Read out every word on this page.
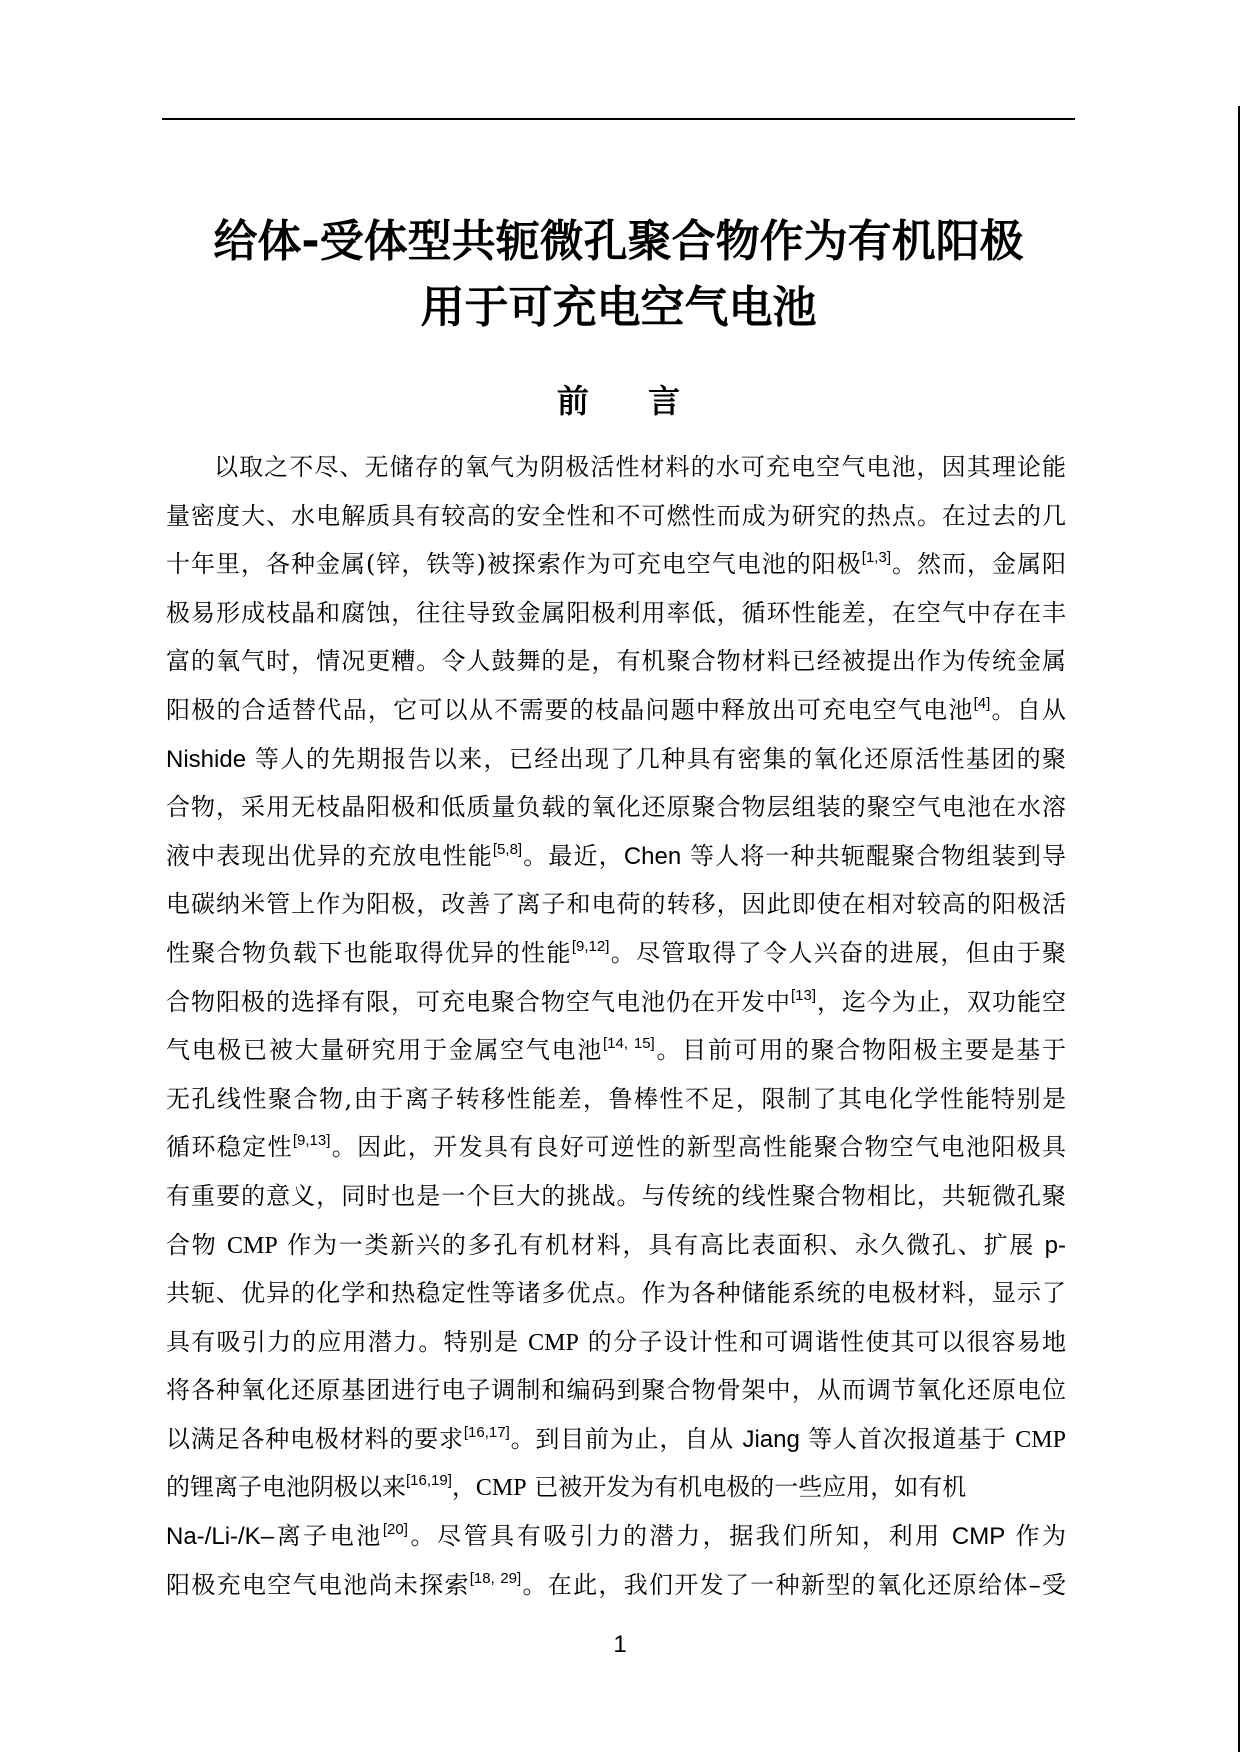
给体-受体型共轭微孔聚合物作为有机阳极
用于可充电空气电池
前 言
以取之不尽、无储存的氧气为阴极活性材料的水可充电空气电池，因其理论能
量密度大、水电解质具有较高的安全性和不可燃性而成为研究的热点。在过去的几
十年里，各种金属(锌，铁等)被探索作为可充电空气电池的阳极[1,3]。然而，金属阳
极易形成枝晶和腐蚀，往往导致金属阳极利用率低，循环性能差，在空气中存在丰
富的氧气时，情况更糟。令人鼓舞的是，有机聚合物材料已经被提出作为传统金属
阳极的合适替代品，它可以从不需要的枝晶问题中释放出可充电空气电池[4]。自从
Nishide 等人的先期报告以来，已经出现了几种具有密集的氧化还原活性基团的聚
合物，采用无枝晶阳极和低质量负载的氧化还原聚合物层组装的聚空气电池在水溶
液中表现出优异的充放电性能[5,8]。最近，Chen 等人将一种共轭醌聚合物组装到导
电碳纳米管上作为阳极，改善了离子和电荷的转移，因此即使在相对较高的阳极活
性聚合物负载下也能取得优异的性能[9,12]。尽管取得了令人兴奋的进展，但由于聚
合物阳极的选择有限，可充电聚合物空气电池仍在开发中[13]，迄今为止，双功能空
气电极已被大量研究用于金属空气电池[14, 15]。目前可用的聚合物阳极主要是基于
无孔线性聚合物,由于离子转移性能差，鲁棒性不足，限制了其电化学性能特别是
循环稳定性[9,13]。因此，开发具有良好可逆性的新型高性能聚合物空气电池阳极具
有重要的意义，同时也是一个巨大的挑战。与传统的线性聚合物相比，共轭微孔聚
合物 CMP 作为一类新兴的多孔有机材料，具有高比表面积、永久微孔、扩展 p-
共轭、优异的化学和热稳定性等诸多优点。作为各种储能系统的电极材料，显示了
具有吸引力的应用潜力。特别是 CMP 的分子设计性和可调谐性使其可以很容易地
将各种氧化还原基团进行电子调制和编码到聚合物骨架中，从而调节氧化还原电位
以满足各种电极材料的要求[16,17]。到目前为止，自从 Jiang 等人首次报道基于 CMP
的锂离子电池阴极以来[16,19]，CMP 已被开发为有机电极的一些应用，如有机
Na-/Li-/K–离子电池[20]。尽管具有吸引力的潜力，据我们所知，利用 CMP 作为
阳极充电空气电池尚未探索[18, 29]。在此，我们开发了一种新型的氧化还原给体–受
1
